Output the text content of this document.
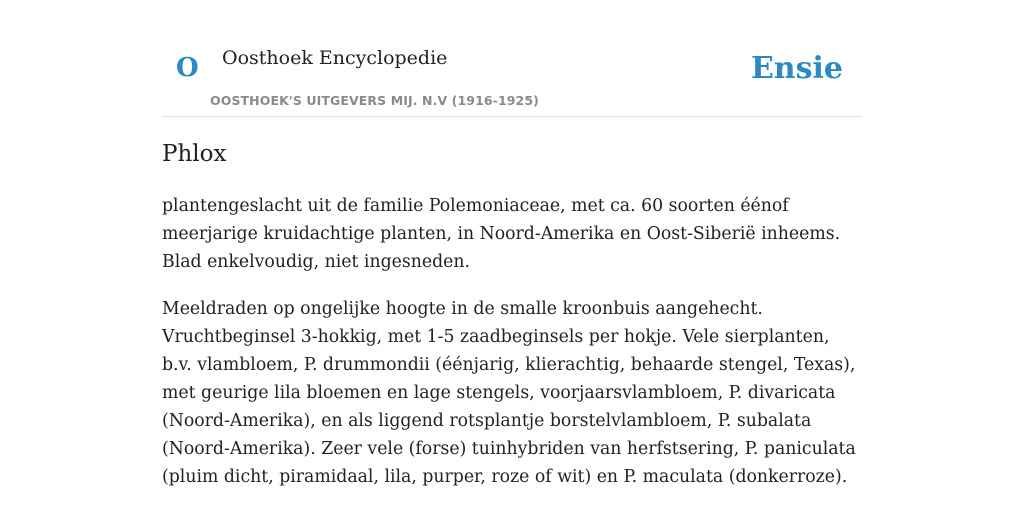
O Oosthoek Encyclopedie	Ensie
OOSTHOEK'S UITGEVERS MIJ. N.V (1916-1925)
Phlox

plantengeslacht uit de familie Polemoniaceae, met ca. 60 soorten éénof meerjarige kruidachtige planten, in Noord-Amerika en Oost-Siberië inheems. Blad enkelvoudig, niet ingesneden.

Meeldraden op ongelijke hoogte in de smalle kroonbuis aangehecht. Vruchtbeginsel 3-hokkig, met 1-5 zaadbeginsels per hokje. Vele sierplanten, b.v. vlambloem, P. drummondii (éénjarig, klierachtig, behaarde stengel, Texas), met geurige lila bloemen en lage stengels, voorjaarsvlambloem, P. divaricata (Noord-Amerika), en als liggend rotsplantje borstelvlambloem, P. subalata (Noord-Amerika). Zeer vele (forse) tuinhybriden van herfstsering, P. paniculata (pluim dicht, piramidaal, lila, purper, roze of wit) en P. maculata (donkerroze).
